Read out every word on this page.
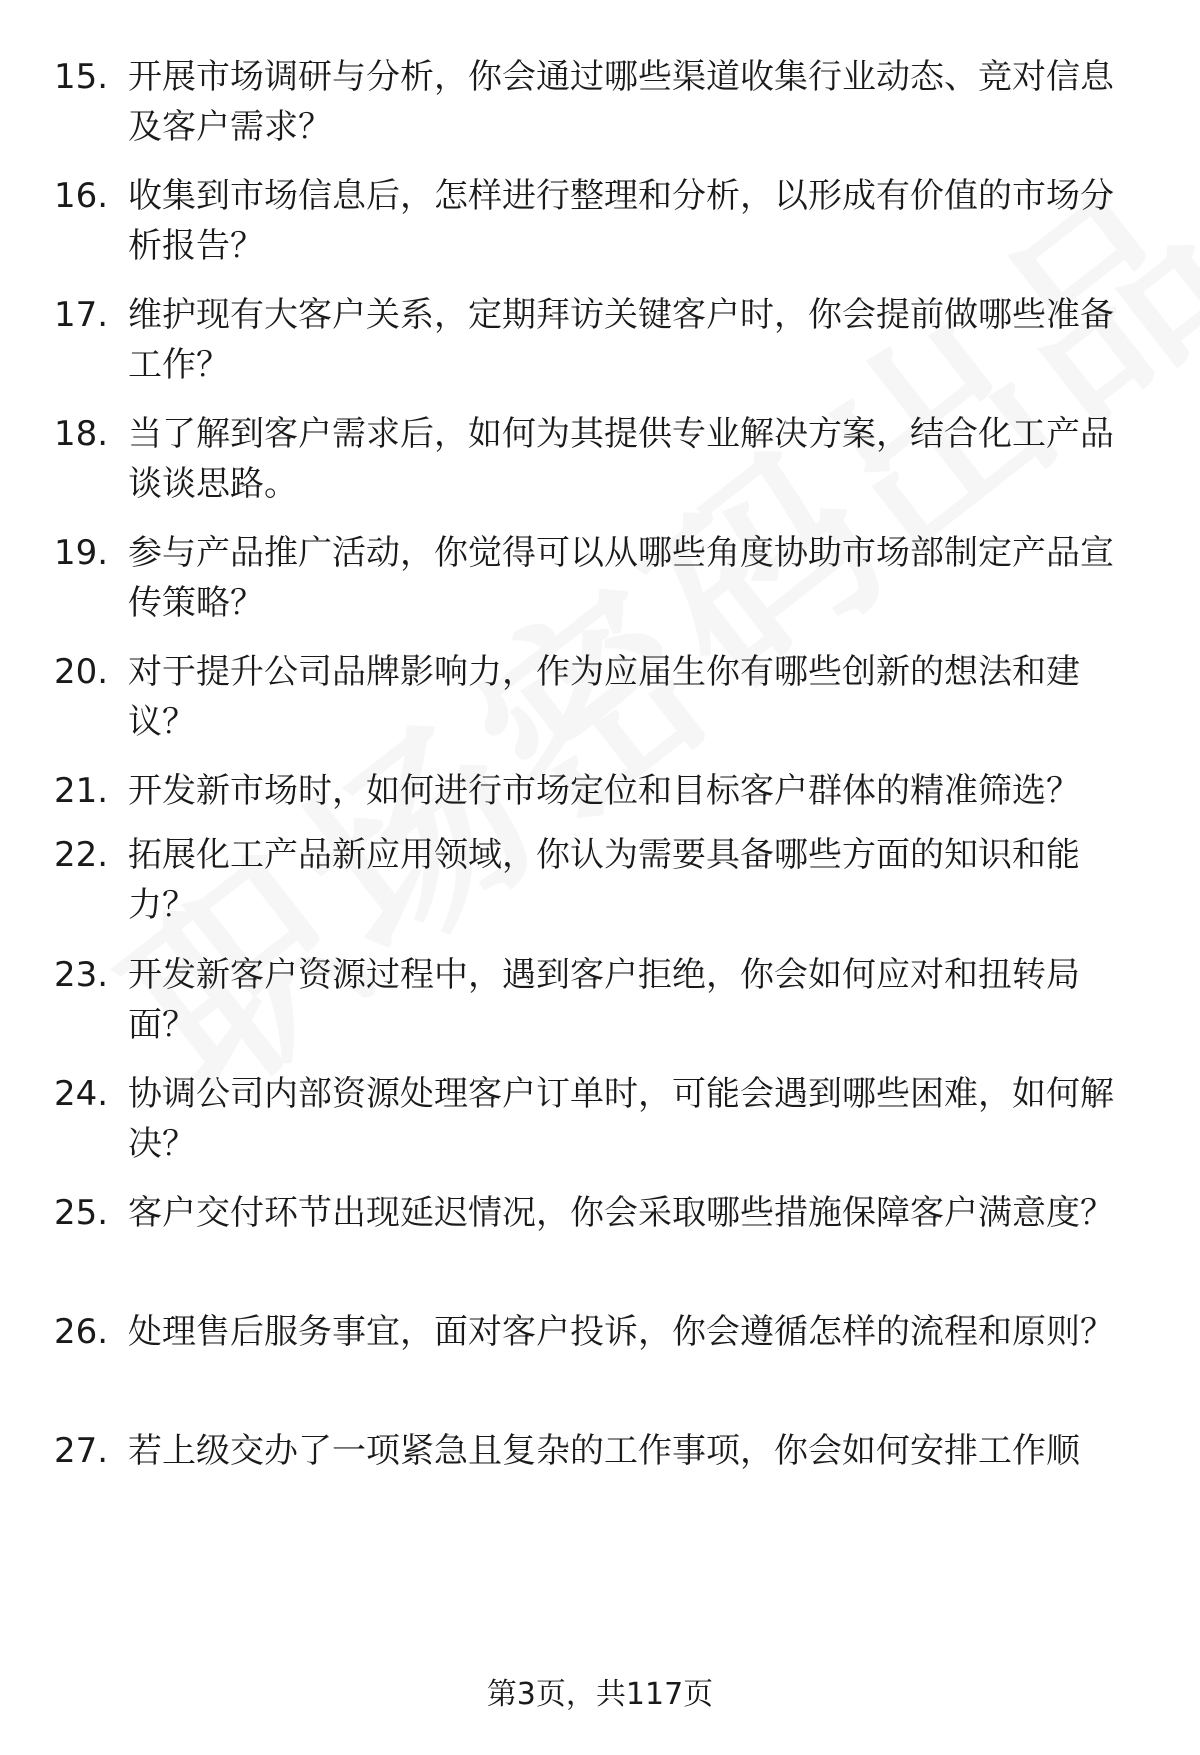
15. 开展市场调研与分析，你会通过哪些渠道收集行业动态、竞对信息及客户需求？
16. 收集到市场信息后，怎样进行整理和分析，以形成有价值的市场分析报告？
17. 维护现有大客户关系，定期拜访关键客户时，你会提前做哪些准备工作？
18. 当了解到客户需求后，如何为其提供专业解决方案，结合化工产品谈谈思路。
19. 参与产品推广活动，你觉得可以从哪些角度协助市场部制定产品宣传策略？
20. 对于提升公司品牌影响力，作为应届生你有哪些创新的想法和建议？
21. 开发新市场时，如何进行市场定位和目标客户群体的精准筛选？
22. 拓展化工产品新应用领域，你认为需要具备哪些方面的知识和能力？
23. 开发新客户资源过程中，遇到客户拒绝，你会如何应对和扭转局面？
24. 协调公司内部资源处理客户订单时，可能会遇到哪些困难，如何解决？
25. 客户交付环节出现延迟情况，你会采取哪些措施保障客户满意度？
26. 处理售后服务事宜，面对客户投诉，你会遵循怎样的流程和原则？
27. 若上级交办了一项紧急且复杂的工作事项，你会如何安排工作顺
第3页，共117页
